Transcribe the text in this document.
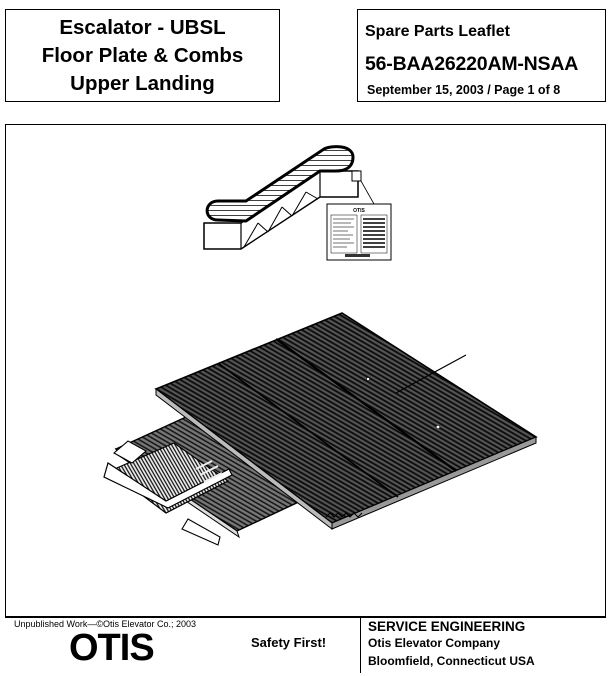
Escalator - UBSL
Floor Plate & Combs
Upper Landing
Spare Parts Leaflet
56-BAA26220AM-NSAA
September 15, 2003 / Page 1 of 8
OTIS
Unpublished Work—©Otis Elevator Co.; 2003
OTIS	Safety First!
SERVICE ENGINEERING
Otis Elevator Company
Bloomfield, Connecticut USA
